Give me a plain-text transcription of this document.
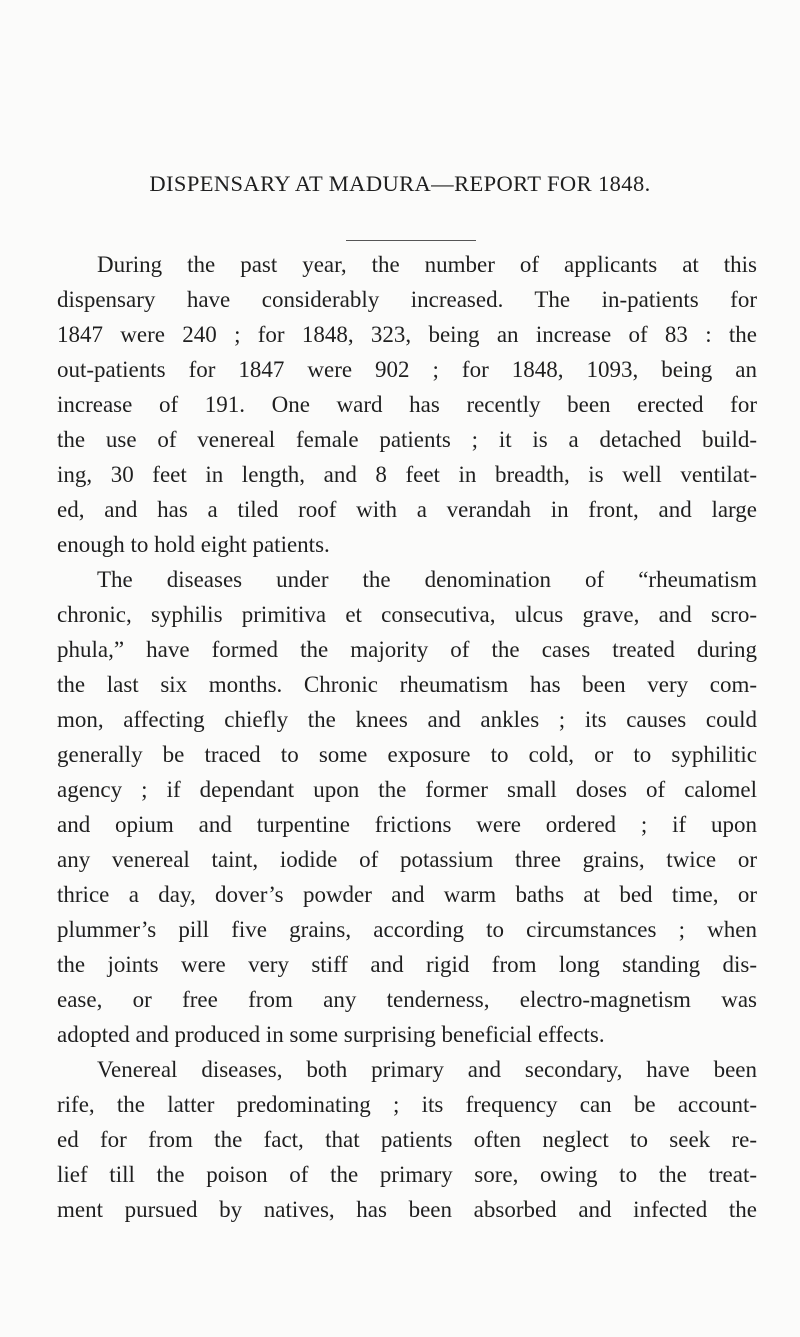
DISPENSARY AT MADURA—REPORT FOR 1848.
During the past year, the number of applicants at this
dispensary have considerably increased. The in-patients for
1847 were 240 ; for 1848, 323, being an increase of 83 : the
out-patients for 1847 were 902 ; for 1848, 1093, being an
increase of 191. One ward has recently been erected for
the use of venereal female patients ; it is a detached build-
ing, 30 feet in length, and 8 feet in breadth, is well ventilat-
ed, and has a tiled roof with a verandah in front, and large
enough to hold eight patients.
The diseases under the denomination of “rheumatism
chronic, syphilis primitiva et consecutiva, ulcus grave, and scro-
phula,” have formed the majority of the cases treated during
the last six months. Chronic rheumatism has been very com-
mon, affecting chiefly the knees and ankles ; its causes could
generally be traced to some exposure to cold, or to syphilitic
agency ; if dependant upon the former small doses of calomel
and opium and turpentine frictions were ordered ; if upon
any venereal taint, iodide of potassium three grains, twice or
thrice a day, dover’s powder and warm baths at bed time, or
plummer’s pill five grains, according to circumstances ; when
the joints were very stiff and rigid from long standing dis-
ease, or free from any tenderness, electro-magnetism was
adopted and produced in some surprising beneficial effects.
Venereal diseases, both primary and secondary, have been
rife, the latter predominating ; its frequency can be account-
ed for from the fact, that patients often neglect to seek re-
lief till the poison of the primary sore, owing to the treat-
ment pursued by natives, has been absorbed and infected the
